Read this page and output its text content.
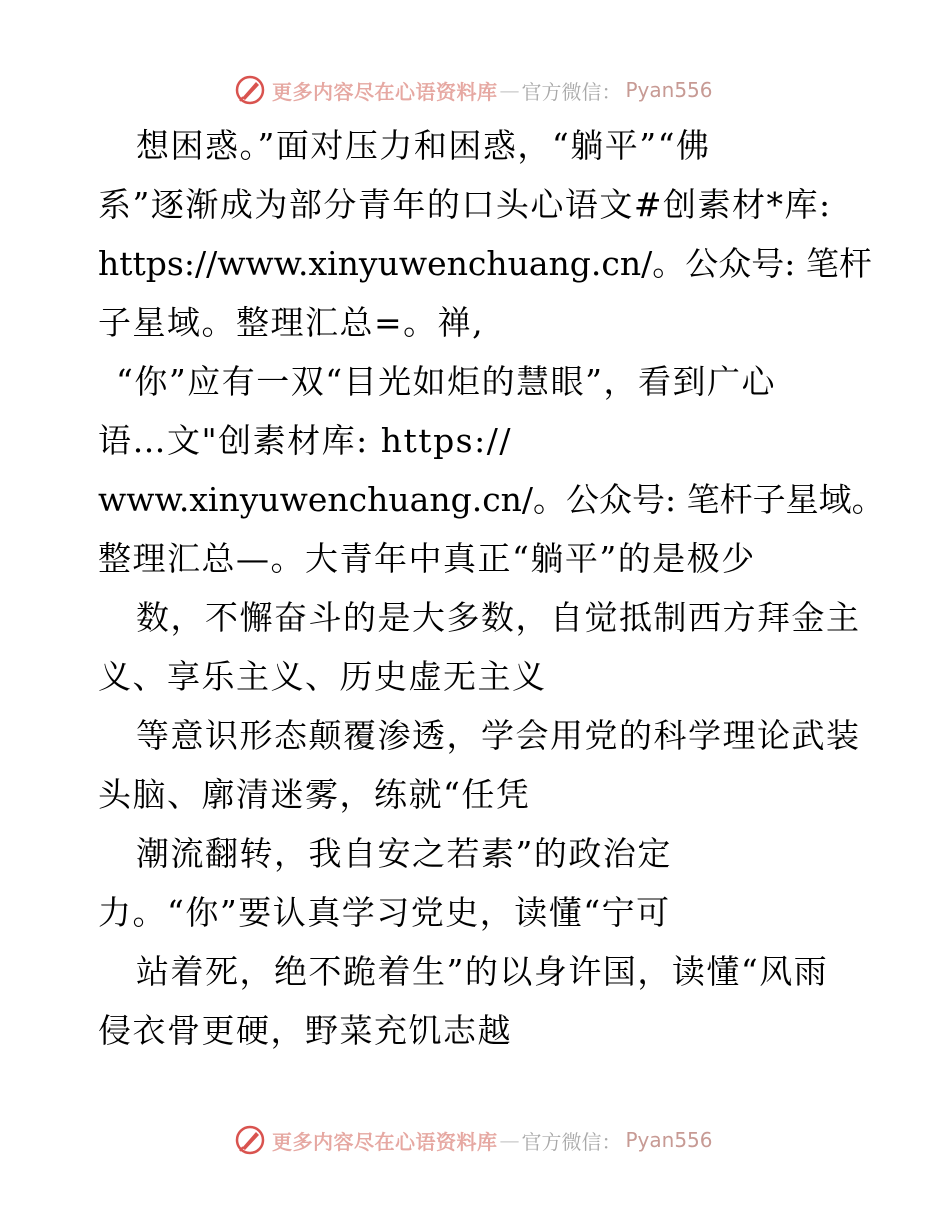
更多内容尽在心语资料库 — 官方微信： Pyan556
想困惑。”面对压力和困惑，“躺平”“佛
系”逐渐成为部分青年的口头心语文#创素材*库:
https://www.xinyuwenchuang.cn/。公众号: 笔杆
子星域。整理汇总=。禅,
“你”应有一双“目光如炬的慧眼”，看到广心
语…文"创素材库: https://
www.xinyuwenchuang.cn/。公众号: 笔杆子星域。
整理汇总—。大青年中真正“躺平”的是极少
数，不懈奋斗的是大多数，自觉抵制西方拜金主
义、享乐主义、历史虚无主义
等意识形态颠覆渗透，学会用党的科学理论武装
头脑、廓清迷雾，练就“任凭
潮流翻转，我自安之若素”的政治定
力。“你”要认真学习党史，读懂“宁可
站着死，绝不跪着生”的以身许国，读懂“风雨
侵衣骨更硬，野菜充饥志越
更多内容尽在心语资料库 — 官方微信： Pyan556
